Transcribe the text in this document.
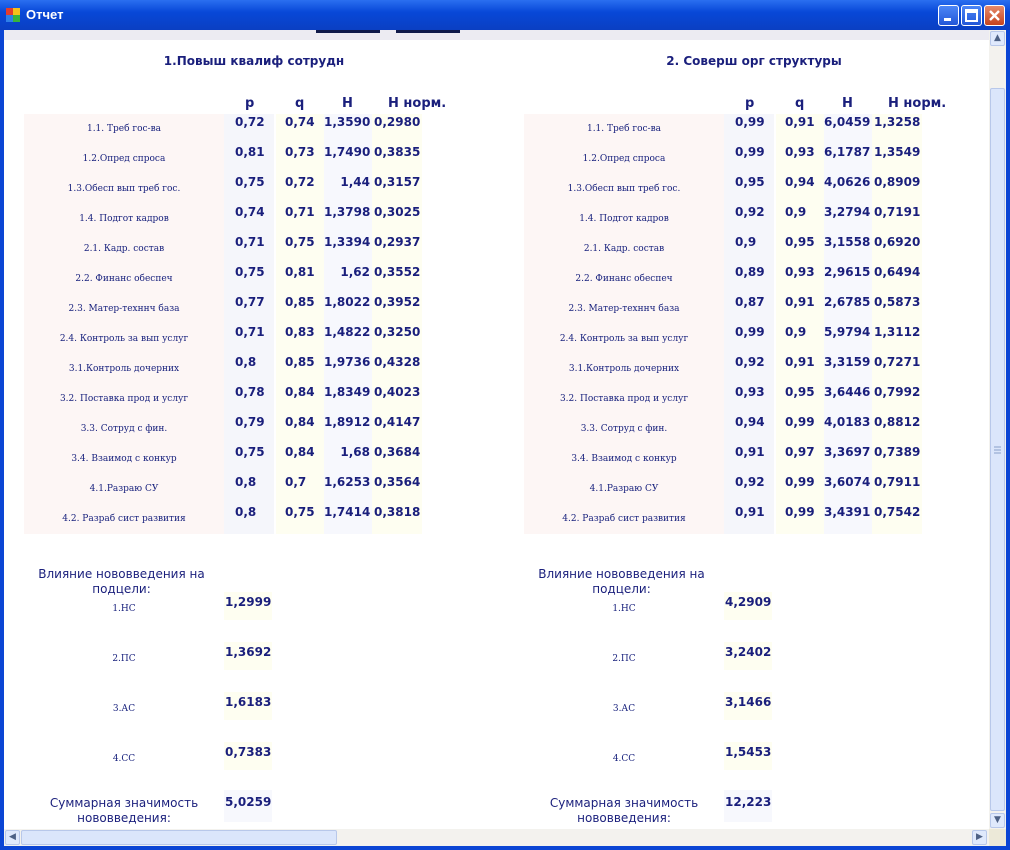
Отчет
1.Повыш квалиф сотрудн
p	q	H	H норм.
1.1. Треб гос-ва	0,72	0,74 1,3590 0,2980
1.2.Опред спроса	0,81	0,73 1,7490 0,3835
1.3.Обесп вып треб гос.	0,75	0,72	1,44 0,3157
1.4. Подгот кадров	0,74	0,71 1,3798 0,3025
2.1. Кадр. состав	0,71	0,75 1,3394 0,2937
2.2. Финанс обеспеч	0,75	0,81	1,62 0,3552
2.3. Матер-техннч база	0,77	0,85 1,8022 0,3952
2.4. Контроль за вып услуг	0,71	0,83 1,4822 0,3250
3.1.Контроль дочерних	0,8	0,85 1,9736 0,4328
3.2. Поставка прод и услуг	0,78	0,84 1,8349 0,4023
3.3. Сотруд с фин.	0,79	0,84 1,8912 0,4147
3.4. Взаимод с конкур	0,75	0,84	1,68 0,3684
4.1.Разраю СУ	0,8	0,7	1,6253 0,3564
4.2. Разраб сист развития	0,8	0,75 1,7414 0,3818
Влияние нововведения на подцели:
1.НС	1,2999
2.ПС	1,3692
3.АС	1,6183
4.СС	0,7383
Суммарная значимость нововведения:
5,0259
2. Соверш орг структуры
p	q	H	H норм.
1.1. Треб гос-ва	0,99	0,91 6,0459 1,3258
1.2.Опред спроса	0,99	0,93 6,1787 1,3549
1.3.Обесп вып треб гос.	0,95	0,94 4,0626 0,8909
1.4. Подгот кадров	0,92	0,9	3,2794 0,7191
2.1. Кадр. состав	0,9	0,95 3,1558 0,6920
2.2. Финанс обеспеч	0,89	0,93 2,9615 0,6494
2.3. Матер-техннч база	0,87	0,91 2,6785 0,5873
2.4. Контроль за вып услуг	0,99	0,9	5,9794 1,3112
3.1.Контроль дочерних	0,92	0,91 3,3159 0,7271
3.2. Поставка прод и услуг	0,93	0,95 3,6446 0,7992
3.3. Сотруд с фин.	0,94	0,99 4,0183 0,8812
3.4. Взаимод с конкур	0,91	0,97 3,3697 0,7389
4.1.Разраю СУ	0,92	0,99 3,6074 0,7911
4.2. Разраб сист развития	0,91	0,99 3,4391 0,7542
Влияние нововведения на подцели:
1.НС	4,2909
2.ПС	3,2402
3.АС	3,1466
4.СС	1,5453
Суммарная значимость нововведения:
12,223
▲
▼
◀	▶
